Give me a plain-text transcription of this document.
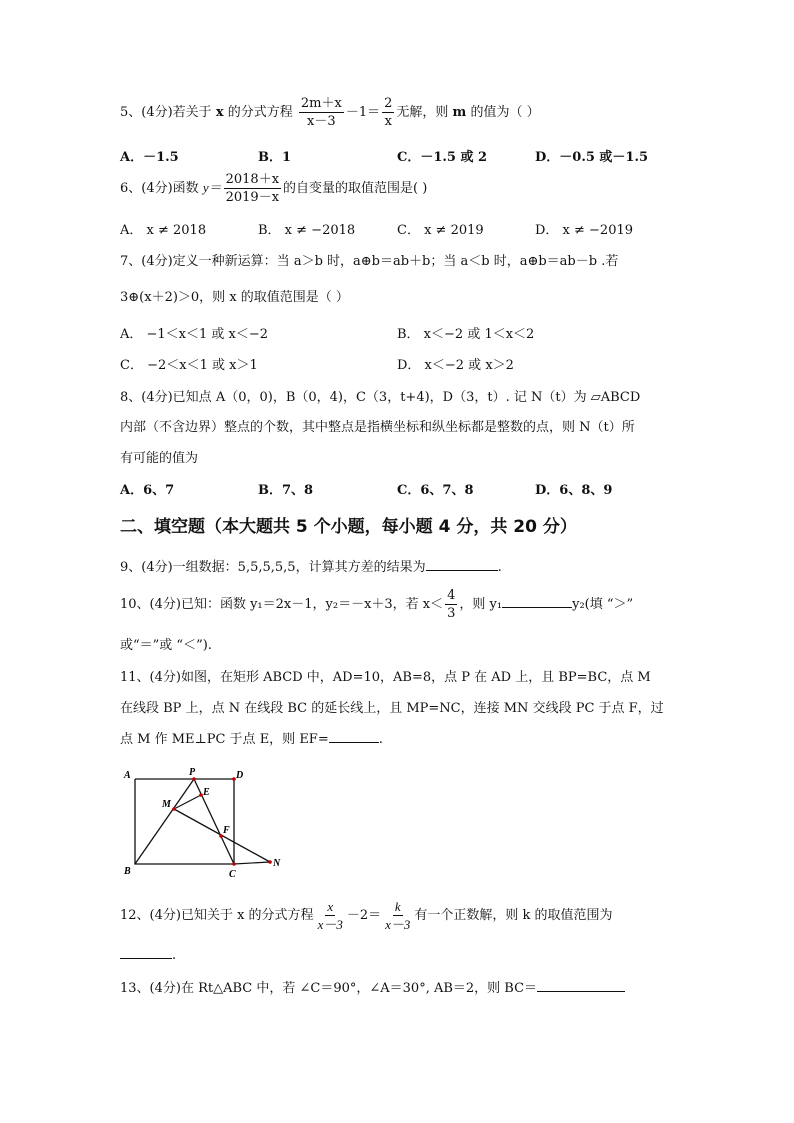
5、(4分)若关于 x 的分式方程 $\frac{2m+x}{x-3} -1= \frac{2}{x}$ 无解，则 m 的值为（ ）
A．－1.5	B．1	C．－1.5 或 2	D．－0.5 或－1.5
6、(4分)函数 $y= \frac{2018+x}{2019-x}$ 的自变量的取值范围是( )
A． x ≠ 2018	B． x ≠ −2018	C． x ≠ 2019	D． x ≠ −2019
7、(4分)定义一种新运算：当 a＞b 时，a⊕b＝ab＋b；当 a＜b 时，a⊕b＝ab－b .若
3⊕(x＋2)＞0，则 x 的取值范围是（ ）
A． −1＜x＜1 或 x＜−2	B． x＜−2 或 1＜x＜2
C． −2＜x＜1 或 x＞1	D． x＜−2 或 x＞2
8、(4分)已知点 A（0，0)，B（0，4)，C（3，t+4)，D（3，t）. 记 N（t）为 ▱ABCD
内部（不含边界）整点的个数，其中整点是指横坐标和纵坐标都是整数的点，则 N（t）所
有可能的值为
A．6、7	B．7、8	C．6、7、8	D．6、8、9
二、填空题（本大题共 5 个小题，每小题 4 分，共 20 分）
9、(4分)一组数据：5,5,5,5,5，计算其方差的结果为	.
10、(4分)已知：函数 y₁＝2x－1，y₂＝－x＋3，若 $x< \frac{4}{3}$ ，则 y₁	y₂(填 “＞”
或“＝”或 “＜”).
11、(4分)如图，在矩形 ABCD 中，AD=10，AB=8，点 P 在 AD 上，且 BP=BC，点 M
在线段 BP 上，点 N 在线段 BC 的延长线上，且 MP=NC，连接 MN 交线段 PC 于点 F，过
点 M 作 ME⊥PC 于点 E，则 EF=	.
A	P	D
M
E
F
B	C
N
12、(4分)已知关于 x 的分式方程 $\frac{x}{x-3} -2= \frac{k}{x-3}$ 有一个正数解，则 k 的取值范围为
.
13、(4分)在 Rt△ABC 中，若 ∠C＝90°，∠A＝30°, AB＝2，则 BC＝
